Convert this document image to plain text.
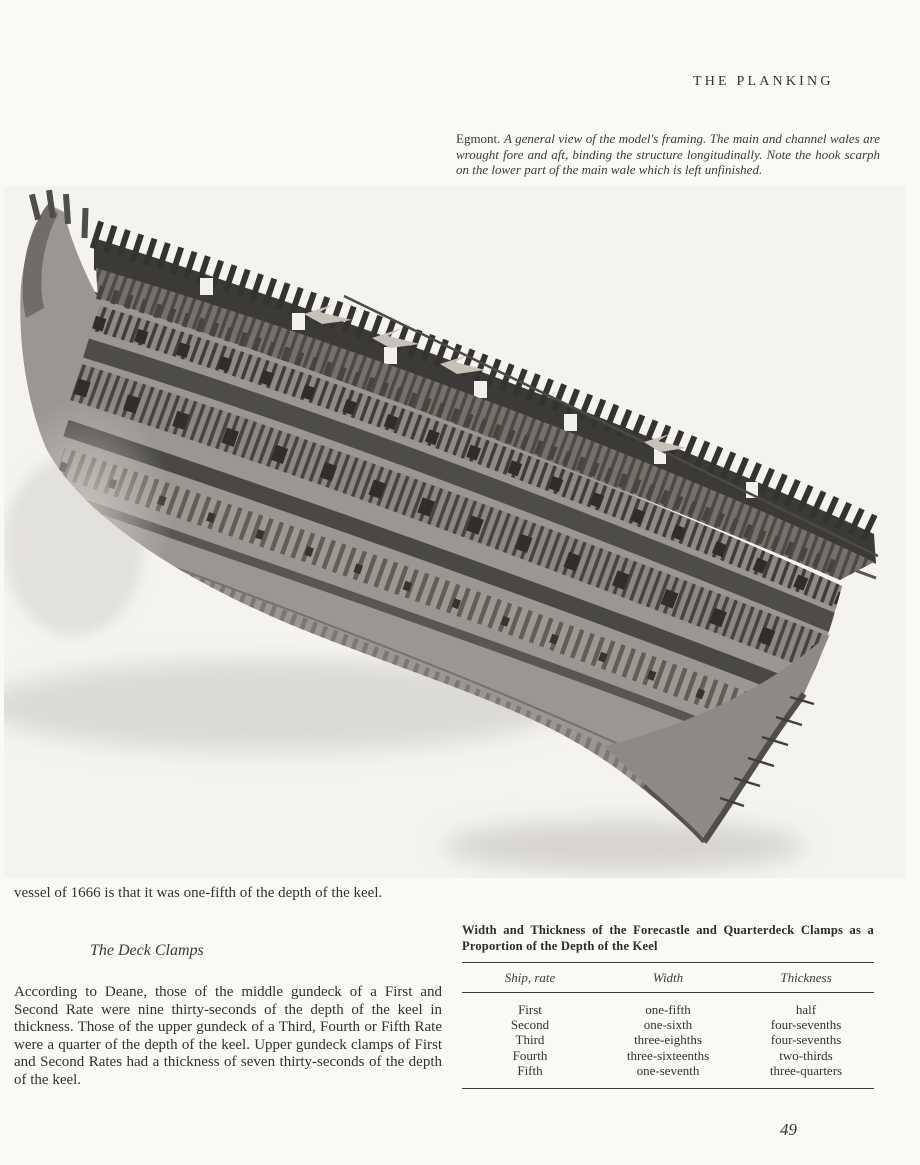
THE PLANKING
Egmont. A general view of the model's framing. The main and channel wales are wrought fore and aft, binding the structure longitudinally. Note the hook scarph on the lower part of the main wale which is left unfinished.

vessel of 1666 is that it was one-fifth of the depth of the keel.

The Deck Clamps

According to Deane, those of the middle gundeck of a First and Second Rate were nine thirty-seconds of the depth of the keel in thickness. Those of the upper gundeck of a Third, Fourth or Fifth Rate were a quarter of the depth of the keel. Upper gundeck clamps of First and Second Rates had a thickness of seven thirty-seconds of the depth of the keel.

Width and Thickness of the Forecastle and Quarterdeck Clamps as a Proportion of the Depth of the Keel

Ship, rate	Width	Thickness
First	one-fifth	half
Second	one-sixth	four-sevenths
Third	three-eighths	four-sevenths
Fourth	three-sixteenths	two-thirds
Fifth	one-seventh	three-quarters
49
